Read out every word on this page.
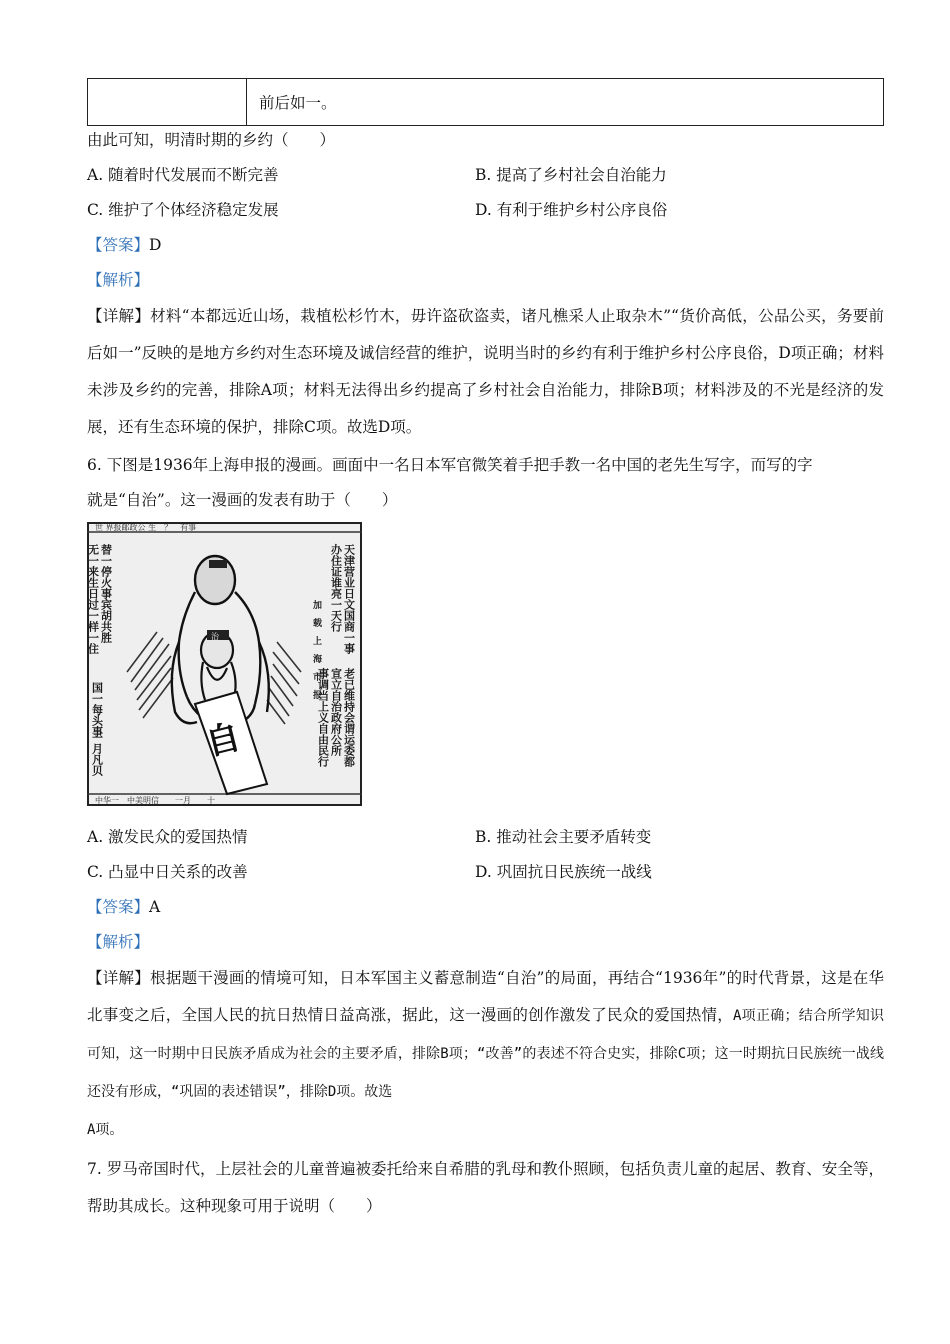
	前后如一。

由此可知，明清时期的乡约（　　）

A. 随着时代发展而不断完善	B. 提高了乡村社会自治能力
C. 维护了个体经济稳定发展	D. 有利于维护乡村公序良俗

【答案】D

【解析】

【详解】材料“本都远近山场，栽植松杉竹木，毋许盗砍盗卖，诸凡樵采人止取杂木”“货价高低，公品公买，务要前后如一”反映的是地方乡约对生态环境及诚信经营的维护，说明当时的乡约有利于维护乡村公序良俗，D项正确；材料未涉及乡约的完善，排除A项；材料无法得出乡约提高了乡村社会自治能力，排除B项；材料涉及的不光是经济的发展，还有生态环境的保护，排除C项。故选D项。

6. 下图是1936年上海申报的漫画。画面中一名日本军官微笑着手把手教一名中国的老先生写字，而写的字

就是“自治”。这一漫画的发表有助于（　　）

世 界报邮政公 生　？　有事
中华一　中美明信　　一月　　十
无一来生日过一样一住 替一停火事宾胡共胜
国一每头事
一月凡贝
天津营业日文国商一事
办住证谁亮一天行
加　载　上　海　市　报
老已维持会谓运委都
宣立自治政府公所
事调当上义自由民行
治
自
A. 激发民众的爱国热情	B. 推动社会主要矛盾转变
C. 凸显中日关系的改善	D. 巩固抗日民族统一战线

【答案】A

【解析】

【详解】根据题干漫画的情境可知，日本军国主义蓄意制造“自治”的局面，再结合“1936年”的时代背景，这是在华北事变之后，全国人民的抗日热情日益高涨，据此，这一漫画的创作激发了民众的爱国热情，A项正确；结合所学知识可知，这一时期中日民族矛盾成为社会的主要矛盾，排除B项；“改善”的表述不符合史实，排除C项；这一时期抗日民族统一战线还没有形成，“巩固的表述错误”，排除D项。故选
A项。

7. 罗马帝国时代，上层社会的儿童普遍被委托给来自希腊的乳母和教仆照顾，包括负责儿童的起居、教育、安全等，帮助其成长。这种现象可用于说明（　　）
